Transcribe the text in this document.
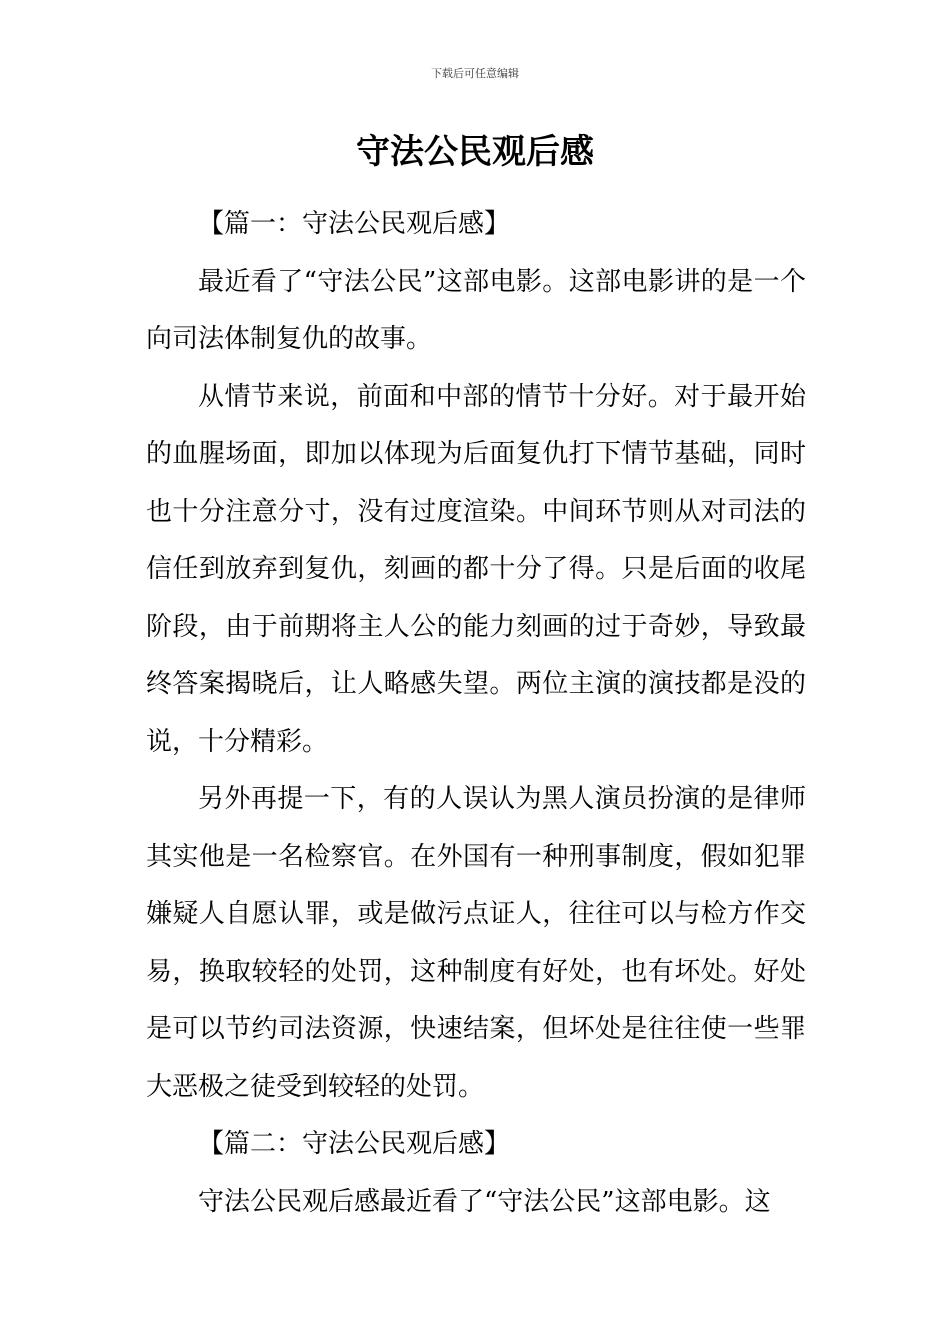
下载后可任意编辑
守法公民观后感

【篇一：守法公民观后感】

最近看了“守法公民”这部电影。这部电影讲的是一个向司法体制复仇的故事。

从情节来说，前面和中部的情节十分好。对于最开始的血腥场面，即加以体现为后面复仇打下情节基础，同时也十分注意分寸，没有过度渲染。中间环节则从对司法的信任到放弃到复仇，刻画的都十分了得。只是后面的收尾阶段，由于前期将主人公的能力刻画的过于奇妙，导致最终答案揭晓后，让人略感失望。两位主演的演技都是没的说，十分精彩。

另外再提一下，有的人误认为黑人演员扮演的是律师其实他是一名检察官。在外国有一种刑事制度，假如犯罪嫌疑人自愿认罪，或是做污点证人，往往可以与检方作交易，换取较轻的处罚，这种制度有好处，也有坏处。好处是可以节约司法资源，快速结案，但坏处是往往使一些罪大恶极之徒受到较轻的处罚。

【篇二：守法公民观后感】

守法公民观后感最近看了“守法公民”这部电影。这
